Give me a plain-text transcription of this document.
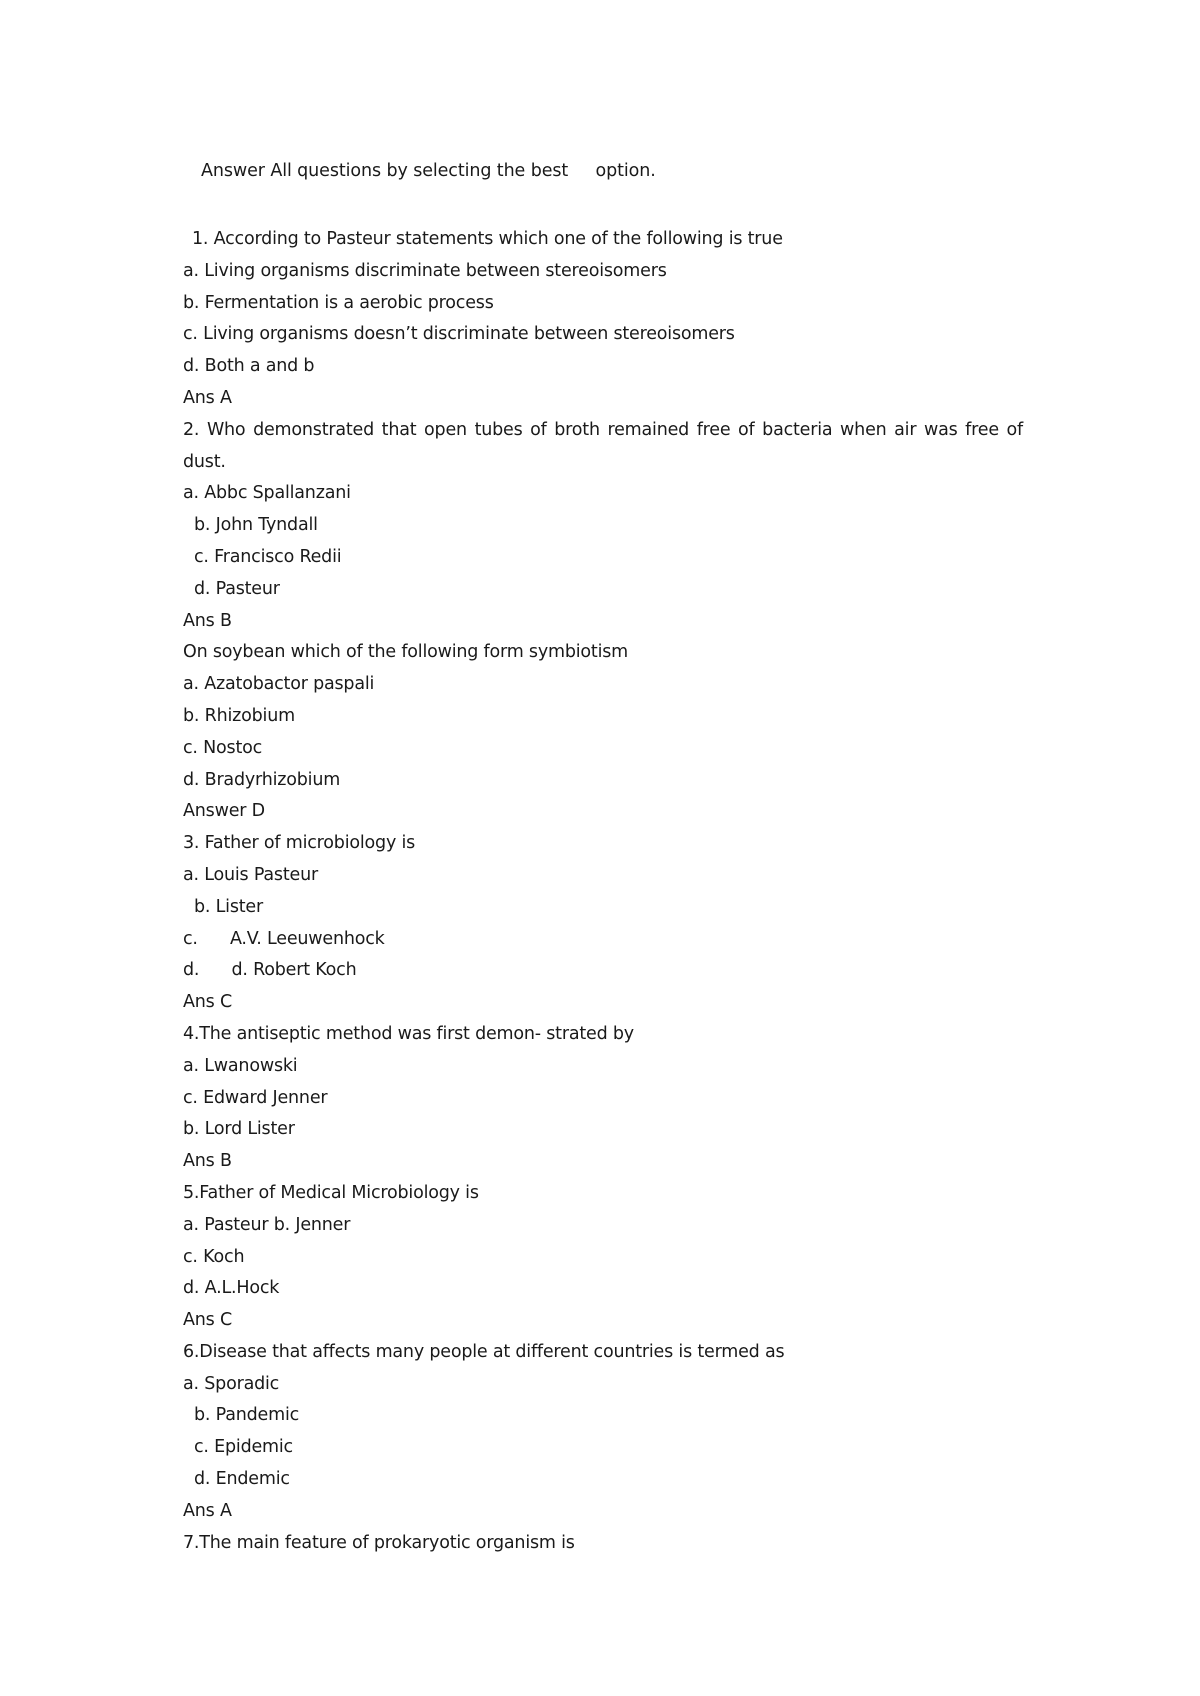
Answer All questions by selecting the best     option.
1. According to Pasteur statements which one of the following is true
a. Living organisms discriminate between stereoisomers
b. Fermentation is a aerobic process
c. Living organisms doesn’t discriminate between stereoisomers
d. Both a and b
Ans A
2. Who demonstrated that open tubes of broth remained free of bacteria when air was free of dust.
a. Abbc Spallanzani
b. John Tyndall
c. Francisco Redii
d. Pasteur
Ans B
On soybean which of the following form symbiotism
a. Azatobactor paspali
b. Rhizobium
c. Nostoc
d. Bradyrhizobium
Answer D
3. Father of microbiology is
a. Louis Pasteur
b. Lister
c.      A.V. Leeuwenhock
d.      d. Robert Koch
Ans C
4.The antiseptic method was first demon- strated by
a. Lwanowski
c. Edward Jenner
b. Lord Lister
Ans B
5.Father of Medical Microbiology is
a. Pasteur b. Jenner
c. Koch
d. A.L.Hock
Ans C
6.Disease that affects many people at different countries is termed as
a. Sporadic
b. Pandemic
c. Epidemic
d. Endemic
Ans A
7.The main feature of prokaryotic organism is
